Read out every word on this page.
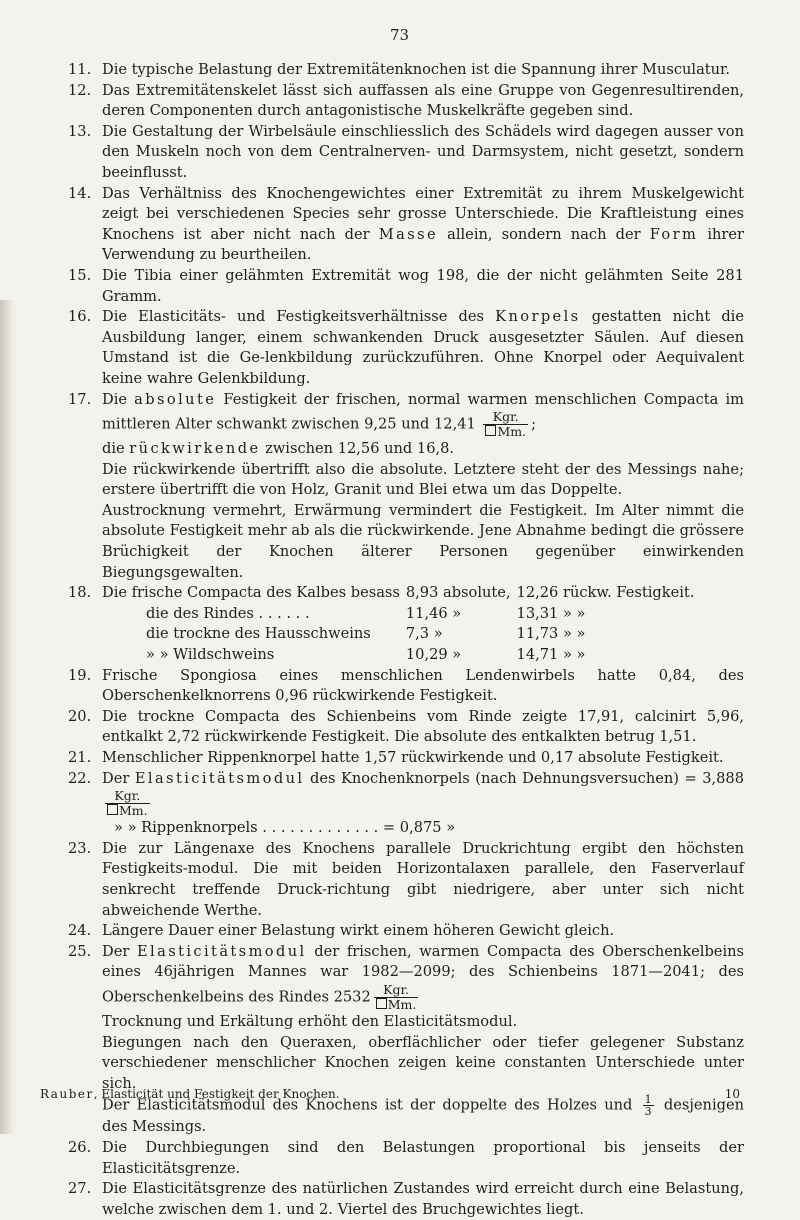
73
11. Die typische Belastung der Extremitätenknochen ist die Spannung ihrer Musculatur.

12. Das Extremitätenskelet lässt sich auffassen als eine Gruppe von Gegenresultirenden, deren Componenten durch antagonistische Muskelkräfte gegeben sind.

13. Die Gestaltung der Wirbelsäule einschliesslich des Schädels wird dagegen ausser von den Muskeln noch von dem Centralnerven- und Darmsystem, nicht gesetzt, sondern beeinflusst.

14. Das Verhältniss des Knochengewichtes einer Extremität zu ihrem Muskelgewicht zeigt bei verschiedenen Species sehr grosse Unterschiede. Die Kraftleistung eines Knochens ist aber nicht nach der Masse allein, sondern nach der Form ihrer Verwendung zu beurtheilen.

15. Die Tibia einer gelähmten Extremität wog 198, die der nicht gelähmten Seite 281 Gramm.

16. Die Elasticitäts- und Festigkeitsverhältnisse des Knorpels gestatten nicht die Ausbildung langer, einem schwankenden Druck ausgesetzter Säulen. Auf diesen Umstand ist die Ge-lenkbildung zurückzuführen. Ohne Knorpel oder Aequivalent keine wahre Gelenkbildung.

17. Die absolute Festigkeit der frischen, normal warmen menschlichen Compacta im mittleren Alter schwankt zwischen 9,25 und $12,41 \frac{\text{Kgr.}}{Mm.}$ ;

die rückwirkende zwischen 12,56 und 16,8.

Die rückwirkende übertrifft also die absolute. Letztere steht der des Messings nahe; erstere übertrifft die von Holz, Granit und Blei etwa um das Doppelte.

Austrocknung vermehrt, Erwärmung vermindert die Festigkeit. Im Alter nimmt die absolute Festigkeit mehr ab als die rückwirkende. Jene Abnahme bedingt die grössere Brüchigkeit der Knochen älterer Personen gegenüber einwirkenden Biegungsgewalten.

18. Die frische Compacta des Kalbes besass	8,93 absolute,	12,26 rückw. Festigkeit.
die des Rindes . . . . . .	11,46 »	13,31 » »
die trockne des Hausschweins	7,3 »	11,73 » »
» » Wildschweins	10,29 »	14,71 » »
19. Frische Spongiosa eines menschlichen Lendenwirbels hatte 0,84, des Oberschenkelknorrens 0,96 rückwirkende Festigkeit.

20. Die trockne Compacta des Schienbeins vom Rinde zeigte 17,91, calcinirt 5,96, entkalkt 2,72 rückwirkende Festigkeit. Die absolute des entkalkten betrug 1,51.

21. Menschlicher Rippenknorpel hatte 1,57 rückwirkende und 0,17 absolute Festigkeit.

22. Der Elasticitätsmodul des Knochenknorpels (nach Dehnungsversuchen) = 3,888
$\frac{\text{Kgr.}}{Mm.}$

» » Rippenknorpels . . . . . . . . . . . . . = 0,875 »

23. Die zur Längenaxe des Knochens parallele Druckrichtung ergibt den höchsten Festigkeits-modul. Die mit beiden Horizontalaxen parallele, den Faserverlauf senkrecht treffende Druck-richtung gibt niedrigere, aber unter sich nicht abweichende Werthe.

24. Längere Dauer einer Belastung wirkt einem höheren Gewicht gleich.

25. Der Elasticitätsmodul der frischen, warmen Compacta des Oberschenkelbeins eines 46jährigen Mannes war 1982—2099; des Schienbeins 1871—2041; des Oberschenkelbeins des Rindes $2532 \frac{\text{Kgr.}}{Mm.}$

Trocknung und Erkältung erhöht den Elasticitätsmodul.

Biegungen nach den Queraxen, oberflächlicher oder tiefer gelegener Substanz verschiedener menschlicher Knochen zeigen keine constanten Unterschiede unter sich.

Der Elasticitätsmodul des Knochens ist der doppelte des Holzes und $\frac{1}{3}$ desjenigen des Messings.

26. Die Durchbiegungen sind den Belastungen proportional bis jenseits der Elasticitätsgrenze.

27. Die Elasticitätsgrenze des natürlichen Zustandes wird erreicht durch eine Belastung, welche zwischen dem 1. und 2. Viertel des Bruchgewichtes liegt.

Rauber, Elasticität und Festigkeit der Knochen.	10
